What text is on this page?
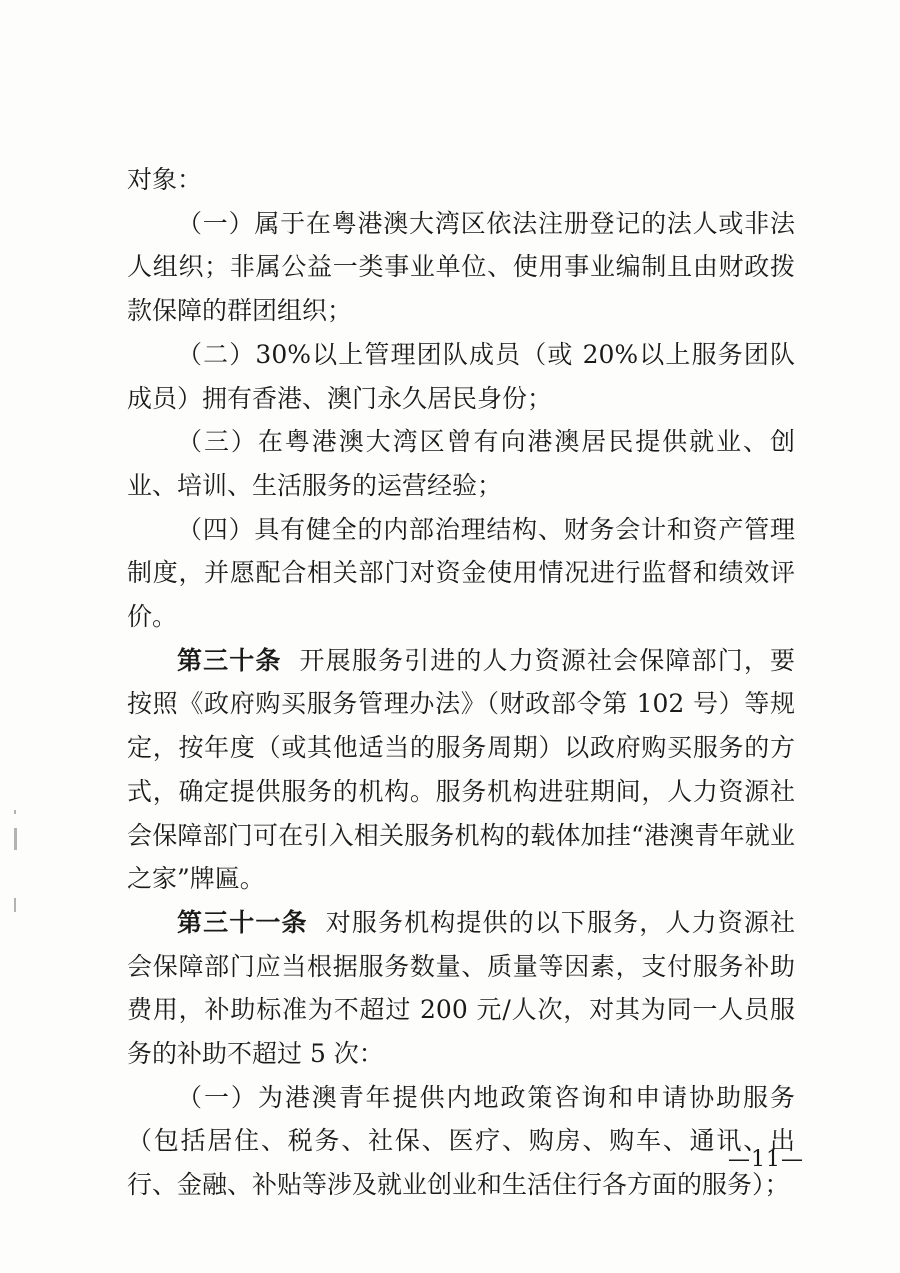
对象：

（一）属于在粤港澳大湾区依法注册登记的法人或非法人组织；非属公益一类事业单位、使用事业编制且由财政拨款保障的群团组织；

（二）30%以上管理团队成员（或 20%以上服务团队成员）拥有香港、澳门永久居民身份；

（三）在粤港澳大湾区曾有向港澳居民提供就业、创业、培训、生活服务的运营经验；

（四）具有健全的内部治理结构、财务会计和资产管理制度，并愿配合相关部门对资金使用情况进行监督和绩效评价。

第三十条 开展服务引进的人力资源社会保障部门，要按照《政府购买服务管理办法》（财政部令第 102 号）等规定，按年度（或其他适当的服务周期）以政府购买服务的方式，确定提供服务的机构。服务机构进驻期间，人力资源社会保障部门可在引入相关服务机构的载体加挂“港澳青年就业之家”牌匾。

第三十一条 对服务机构提供的以下服务，人力资源社会保障部门应当根据服务数量、质量等因素，支付服务补助费用，补助标准为不超过 200 元/人次，对其为同一人员服务的补助不超过 5 次：

（一）为港澳青年提供内地政策咨询和申请协助服务（包括居住、税务、社保、医疗、购房、购车、通讯、出行、金融、补贴等涉及就业创业和生活住行各方面的服务）；

—11—
